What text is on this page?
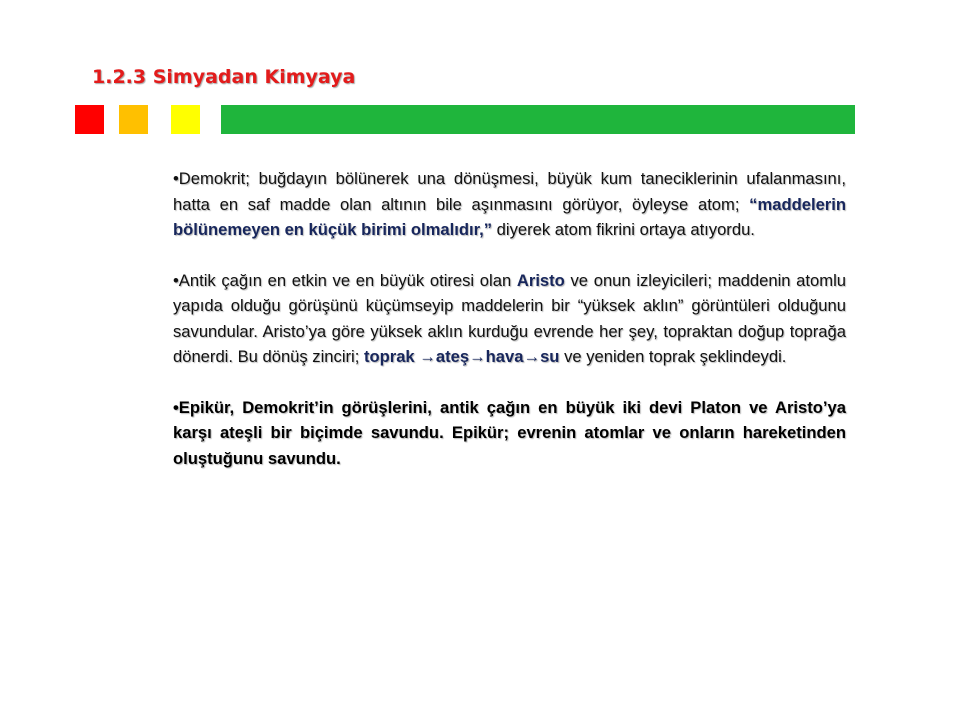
1.2.3 Simyadan Kimyaya

•Demokrit; buğdayın bölünerek una dönüşmesi, büyük kum taneciklerinin ufalanmasını, hatta en saf madde olan altının bile aşınmasını görüyor, öyleyse atom; “maddelerin bölünemeyen en küçük birimi olmalıdır,” diyerek atom fikrini ortaya atıyordu.

•Antik çağın en etkin ve en büyük otiresi olan Aristo ve onun izleyicileri; maddenin atomlu yapıda olduğu görüşünü küçümseyip maddelerin bir “yüksek aklın” görüntüleri olduğunu savundular. Aristo’ya göre yüksek aklın kurduğu evrende her şey, topraktan doğup toprağa dönerdi. Bu dönüş zinciri; toprak →ateş→hava→su ve yeniden toprak şeklindeydi.

•Epikür, Demokrit’in görüşlerini, antik çağın en büyük iki devi Platon ve Aristo’ya karşı ateşli bir biçimde savundu. Epikür; evrenin atomlar ve onların hareketinden oluştuğunu savundu.
